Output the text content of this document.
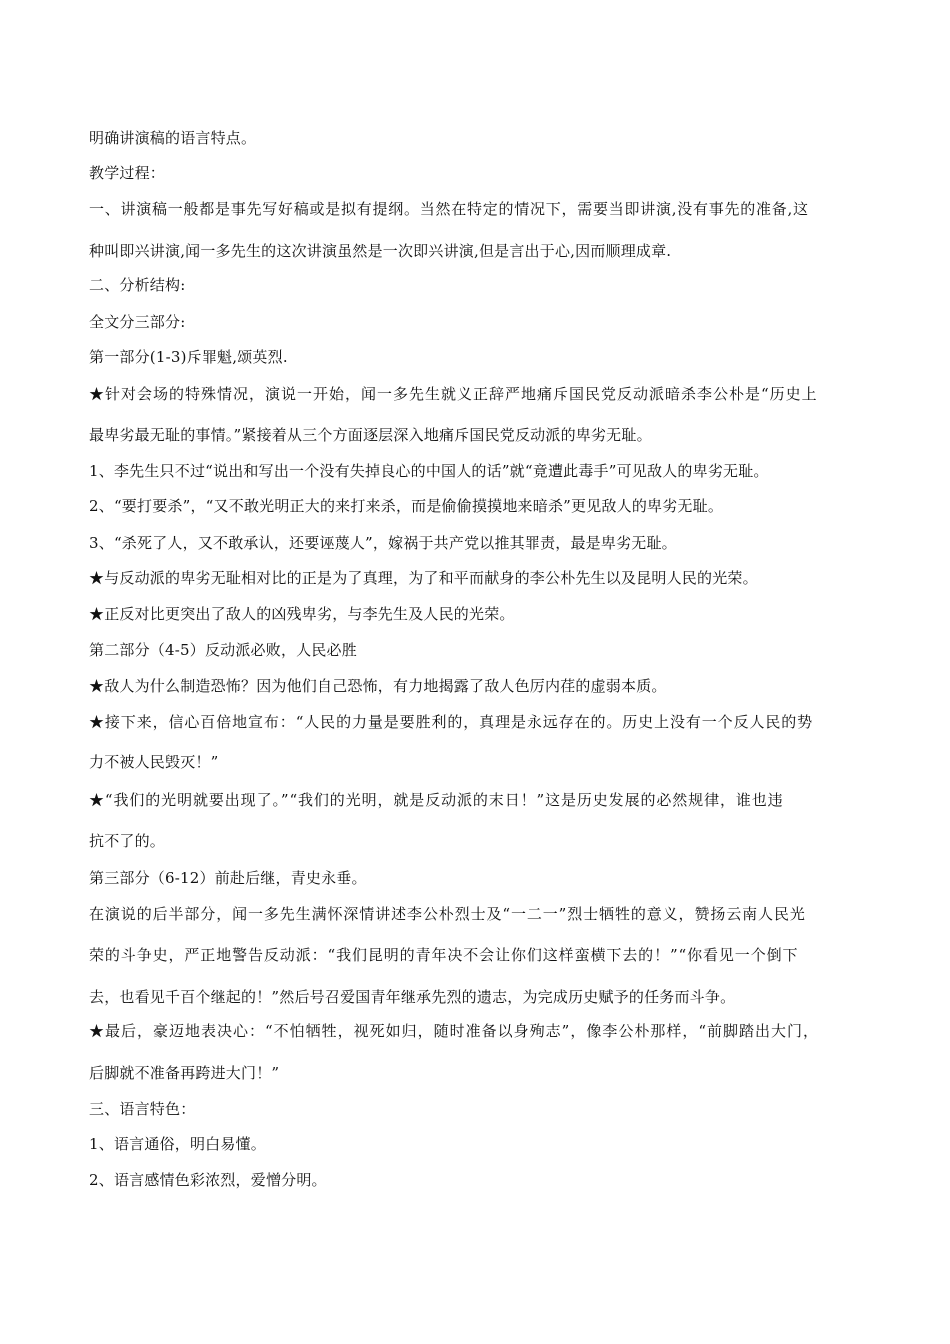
明确讲演稿的语言特点。
教学过程：
一、讲演稿一般都是事先写好稿或是拟有提纲。当然在特定的情况下，需要当即讲演,没有事先的准备,这
种叫即兴讲演,闻一多先生的这次讲演虽然是一次即兴讲演,但是言出于心,因而顺理成章.
二、分析结构:
全文分三部分:
第一部分(1-3)斥罪魁,颂英烈.
★针对会场的特殊情况，演说一开始，闻一多先生就义正辞严地痛斥国民党反动派暗杀李公朴是“历史上
最卑劣最无耻的事情。”紧接着从三个方面逐层深入地痛斥国民党反动派的卑劣无耻。
1、李先生只不过“说出和写出一个没有失掉良心的中国人的话”就“竟遭此毒手”可见敌人的卑劣无耻。
2、“要打要杀”，“又不敢光明正大的来打来杀，而是偷偷摸摸地来暗杀”更见敌人的卑劣无耻。
3、“杀死了人，又不敢承认，还要诬蔑人”，嫁祸于共产党以推其罪责，最是卑劣无耻。
★与反动派的卑劣无耻相对比的正是为了真理，为了和平而献身的李公朴先生以及昆明人民的光荣。
★正反对比更突出了敌人的凶残卑劣，与李先生及人民的光荣。
第二部分（4-5）反动派必败，人民必胜
★敌人为什么制造恐怖？因为他们自己恐怖，有力地揭露了敌人色厉内荏的虚弱本质。
★接下来，信心百倍地宣布：“人民的力量是要胜利的，真理是永远存在的。历史上没有一个反人民的势
力不被人民毁灭！”
★“我们的光明就要出现了。”“我们的光明，就是反动派的末日！”这是历史发展的必然规律，谁也违
抗不了的。
第三部分（6-12）前赴后继，青史永垂。
在演说的后半部分，闻一多先生满怀深情讲述李公朴烈士及“一二一”烈士牺牲的意义，赞扬云南人民光
荣的斗争史，严正地警告反动派：“我们昆明的青年决不会让你们这样蛮横下去的！”“你看见一个倒下
去，也看见千百个继起的！”然后号召爱国青年继承先烈的遗志，为完成历史赋予的任务而斗争。
★最后，豪迈地表决心：“不怕牺牲，视死如归，随时准备以身殉志”，像李公朴那样，“前脚踏出大门，
后脚就不准备再跨进大门！”
三、语言特色：
1、语言通俗，明白易懂。
2、语言感情色彩浓烈，爱憎分明。
